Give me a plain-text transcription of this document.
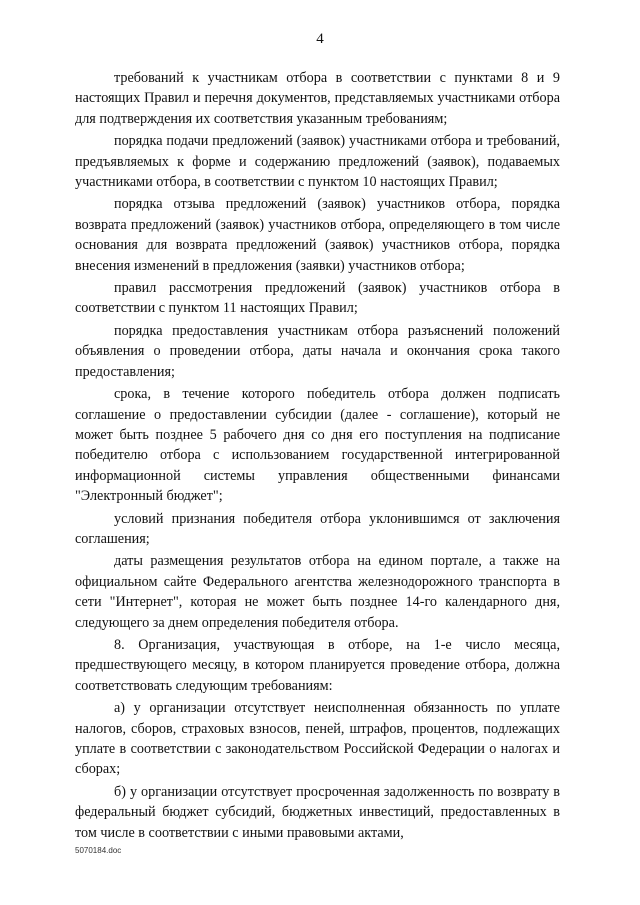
4

требований к участникам отбора в соответствии с пунктами 8 и 9 настоящих Правил и перечня документов, представляемых участниками отбора для подтверждения их соответствия указанным требованиям;

порядка подачи предложений (заявок) участниками отбора и требований, предъявляемых к форме и содержанию предложений (заявок), подаваемых участниками отбора, в соответствии с пунктом 10 настоящих Правил;

порядка отзыва предложений (заявок) участников отбора, порядка возврата предложений (заявок) участников отбора, определяющего в том числе основания для возврата предложений (заявок) участников отбора, порядка внесения изменений в предложения (заявки) участников отбора;

правил рассмотрения предложений (заявок) участников отбора в соответствии с пунктом 11 настоящих Правил;

порядка предоставления участникам отбора разъяснений положений объявления о проведении отбора, даты начала и окончания срока такого предоставления;

срока, в течение которого победитель отбора должен подписать соглашение о предоставлении субсидии (далее - соглашение), который не может быть позднее 5 рабочего дня со дня его поступления на подписание победителю отбора с использованием государственной интегрированной информационной системы управления общественными финансами "Электронный бюджет";

условий признания победителя отбора уклонившимся от заключения соглашения;

даты размещения результатов отбора на едином портале, а также на официальном сайте Федерального агентства железнодорожного транспорта в сети "Интернет", которая не может быть позднее 14-го календарного дня, следующего за днем определения победителя отбора.

8. Организация, участвующая в отборе, на 1-е число месяца, предшествующего месяцу, в котором планируется проведение отбора, должна соответствовать следующим требованиям:

а) у организации отсутствует неисполненная обязанность по уплате налогов, сборов, страховых взносов, пеней, штрафов, процентов, подлежащих уплате в соответствии с законодательством Российской Федерации о налогах и сборах;

б) у организации отсутствует просроченная задолженность по возврату в федеральный бюджет субсидий, бюджетных инвестиций, предоставленных в том числе в соответствии с иными правовыми актами,

5070184.doc
